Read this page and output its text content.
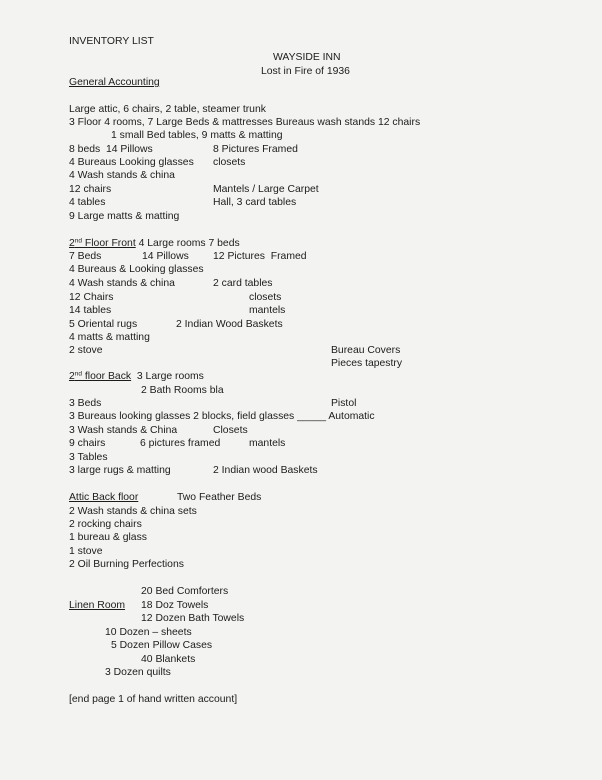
INVENTORY LIST
WAYSIDE INN
Lost in Fire of 1936
General Accounting
Large attic, 6 chairs, 2 table, steamer trunk
3 Floor 4 rooms, 7 Large Beds & mattresses Bureaus wash stands 12 chairs
1 small Bed tables, 9 matts & matting
8 beds  14 Pillows	8 Pictures Framed
4 Bureaus Looking glasses closets
4 Wash stands & china
12 chairs	Mantels / Large Carpet
4 tables	Hall, 3 card tables
9 Large matts & matting
2nd Floor Front 4 Large rooms 7 beds
7 Beds	14 Pillows 12 Pictures  Framed
4 Bureaus & Looking glasses
4 Wash stands & china	2 card tables
12 Chairs	closets
14 tables	mantels
5 Oriental rugs	2 Indian Wood Baskets
4 matts & matting
2 stove	Bureau Covers
Pieces tapestry
2nd floor Back  3 Large rooms
2 Bath Rooms bla
3 Beds	Pistol
3 Bureaus looking glasses 2 blocks, field glasses _____ Automatic
3 Wash stands & China	Closets
9 chairs	6 pictures framed	mantels
3 Tables
3 large rugs & matting	2 Indian wood Baskets
Attic Back floor	Two Feather Beds
2 Wash stands & china sets
2 rocking chairs
1 bureau & glass
1 stove
2 Oil Burning Perfections
20 Bed Comforters
Linen Room 18 Doz Towels
12 Dozen Bath Towels
10 Dozen – sheets
5 Dozen Pillow Cases
40 Blankets
3 Dozen quilts
[end page 1 of hand written account]
